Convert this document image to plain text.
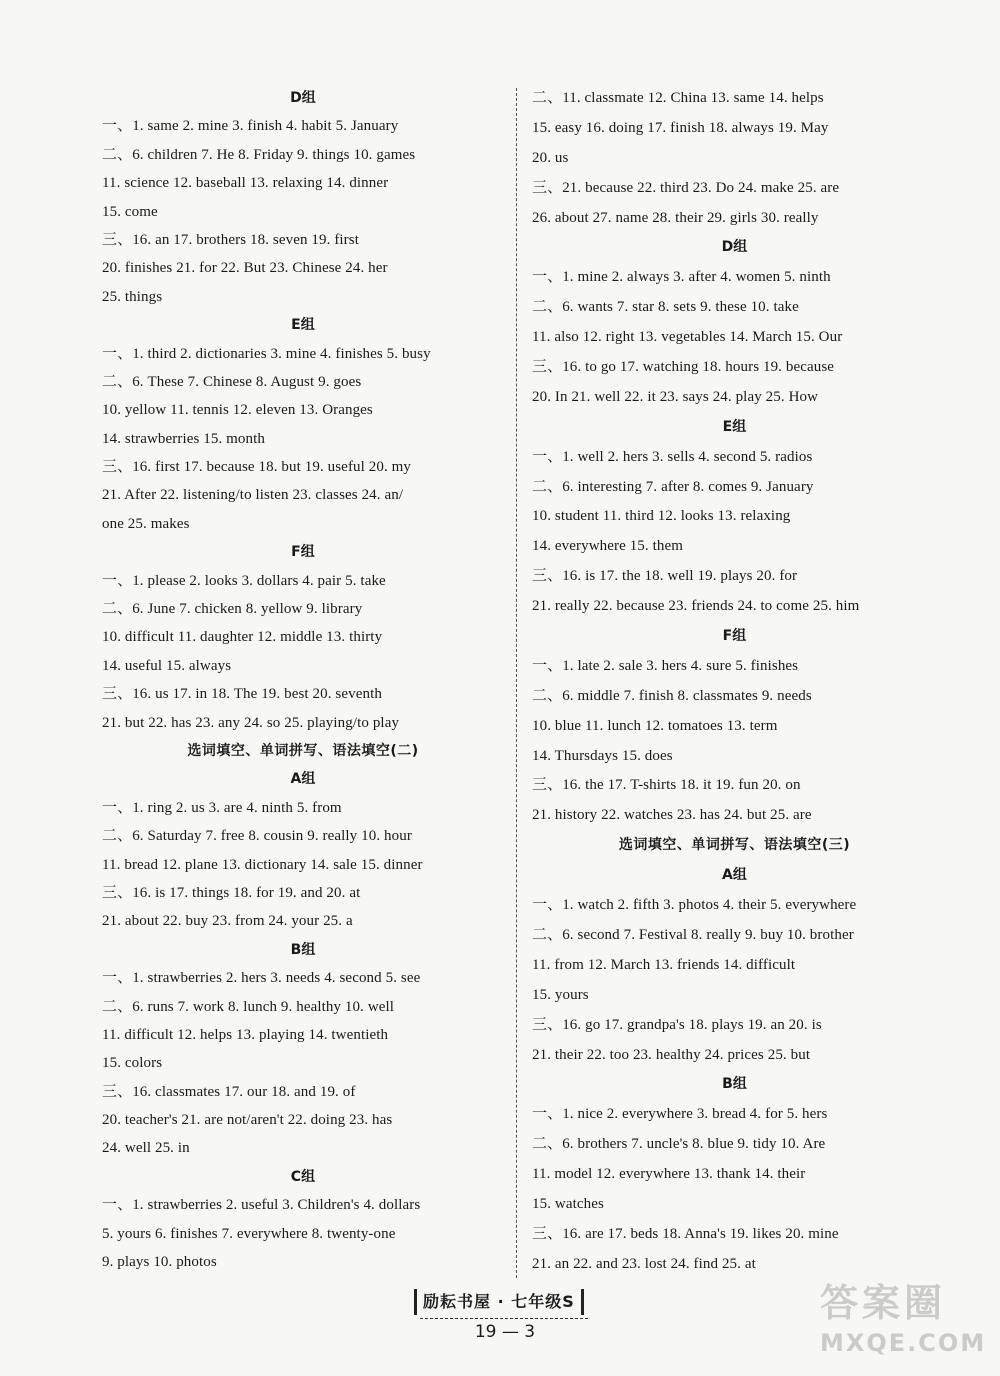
D组
一、1. same 2. mine 3. finish 4. habit 5. January
二、6. children 7. He 8. Friday 9. things 10. games
11. science 12. baseball 13. relaxing 14. dinner
15. come
三、16. an 17. brothers 18. seven 19. first
20. finishes 21. for 22. But 23. Chinese 24. her
25. things
E组
一、1. third 2. dictionaries 3. mine 4. finishes 5. busy
二、6. These 7. Chinese 8. August 9. goes
10. yellow 11. tennis 12. eleven 13. Oranges
14. strawberries 15. month
三、16. first 17. because 18. but 19. useful 20. my
21. After 22. listening/to listen 23. classes 24. an/
one 25. makes
F组
一、1. please 2. looks 3. dollars 4. pair 5. take
二、6. June 7. chicken 8. yellow 9. library
10. difficult 11. daughter 12. middle 13. thirty
14. useful 15. always
三、16. us 17. in 18. The 19. best 20. seventh
21. but 22. has 23. any 24. so 25. playing/to play
选词填空、单词拼写、语法填空(二)
A组
一、1. ring 2. us 3. are 4. ninth 5. from
二、6. Saturday 7. free 8. cousin 9. really 10. hour
11. bread 12. plane 13. dictionary 14. sale 15. dinner
三、16. is 17. things 18. for 19. and 20. at
21. about 22. buy 23. from 24. your 25. a
B组
一、1. strawberries 2. hers 3. needs 4. second 5. see
二、6. runs 7. work 8. lunch 9. healthy 10. well
11. difficult 12. helps 13. playing 14. twentieth
15. colors
三、16. classmates 17. our 18. and 19. of
20. teacher's 21. are not/aren't 22. doing 23. has
24. well 25. in
C组
一、1. strawberries 2. useful 3. Children's 4. dollars
5. yours 6. finishes 7. everywhere 8. twenty-one
9. plays 10. photos
二、11. classmate 12. China 13. same 14. helps
15. easy 16. doing 17. finish 18. always 19. May
20. us
三、21. because 22. third 23. Do 24. make 25. are
26. about 27. name 28. their 29. girls 30. really
D组
一、1. mine 2. always 3. after 4. women 5. ninth
二、6. wants 7. star 8. sets 9. these 10. take
11. also 12. right 13. vegetables 14. March 15. Our
三、16. to go 17. watching 18. hours 19. because
20. In 21. well 22. it 23. says 24. play 25. How
E组
一、1. well 2. hers 3. sells 4. second 5. radios
二、6. interesting 7. after 8. comes 9. January
10. student 11. third 12. looks 13. relaxing
14. everywhere 15. them
三、16. is 17. the 18. well 19. plays 20. for
21. really 22. because 23. friends 24. to come 25. him
F组
一、1. late 2. sale 3. hers 4. sure 5. finishes
二、6. middle 7. finish 8. classmates 9. needs
10. blue 11. lunch 12. tomatoes 13. term
14. Thursdays 15. does
三、16. the 17. T-shirts 18. it 19. fun 20. on
21. history 22. watches 23. has 24. but 25. are
选词填空、单词拼写、语法填空(三)
A组
一、1. watch 2. fifth 3. photos 4. their 5. everywhere
二、6. second 7. Festival 8. really 9. buy 10. brother
11. from 12. March 13. friends 14. difficult
15. yours
三、16. go 17. grandpa's 18. plays 19. an 20. is
21. their 22. too 23. healthy 24. prices 25. but
B组
一、1. nice 2. everywhere 3. bread 4. for 5. hers
二、6. brothers 7. uncle's 8. blue 9. tidy 10. Are
11. model 12. everywhere 13. thank 14. their
15. watches
三、16. are 17. beds 18. Anna's 19. likes 20. mine
21. an 22. and 23. lost 24. find 25. at
励耘书屋 · 七年级S
19 — 3
答案圈
MXQE.COM
